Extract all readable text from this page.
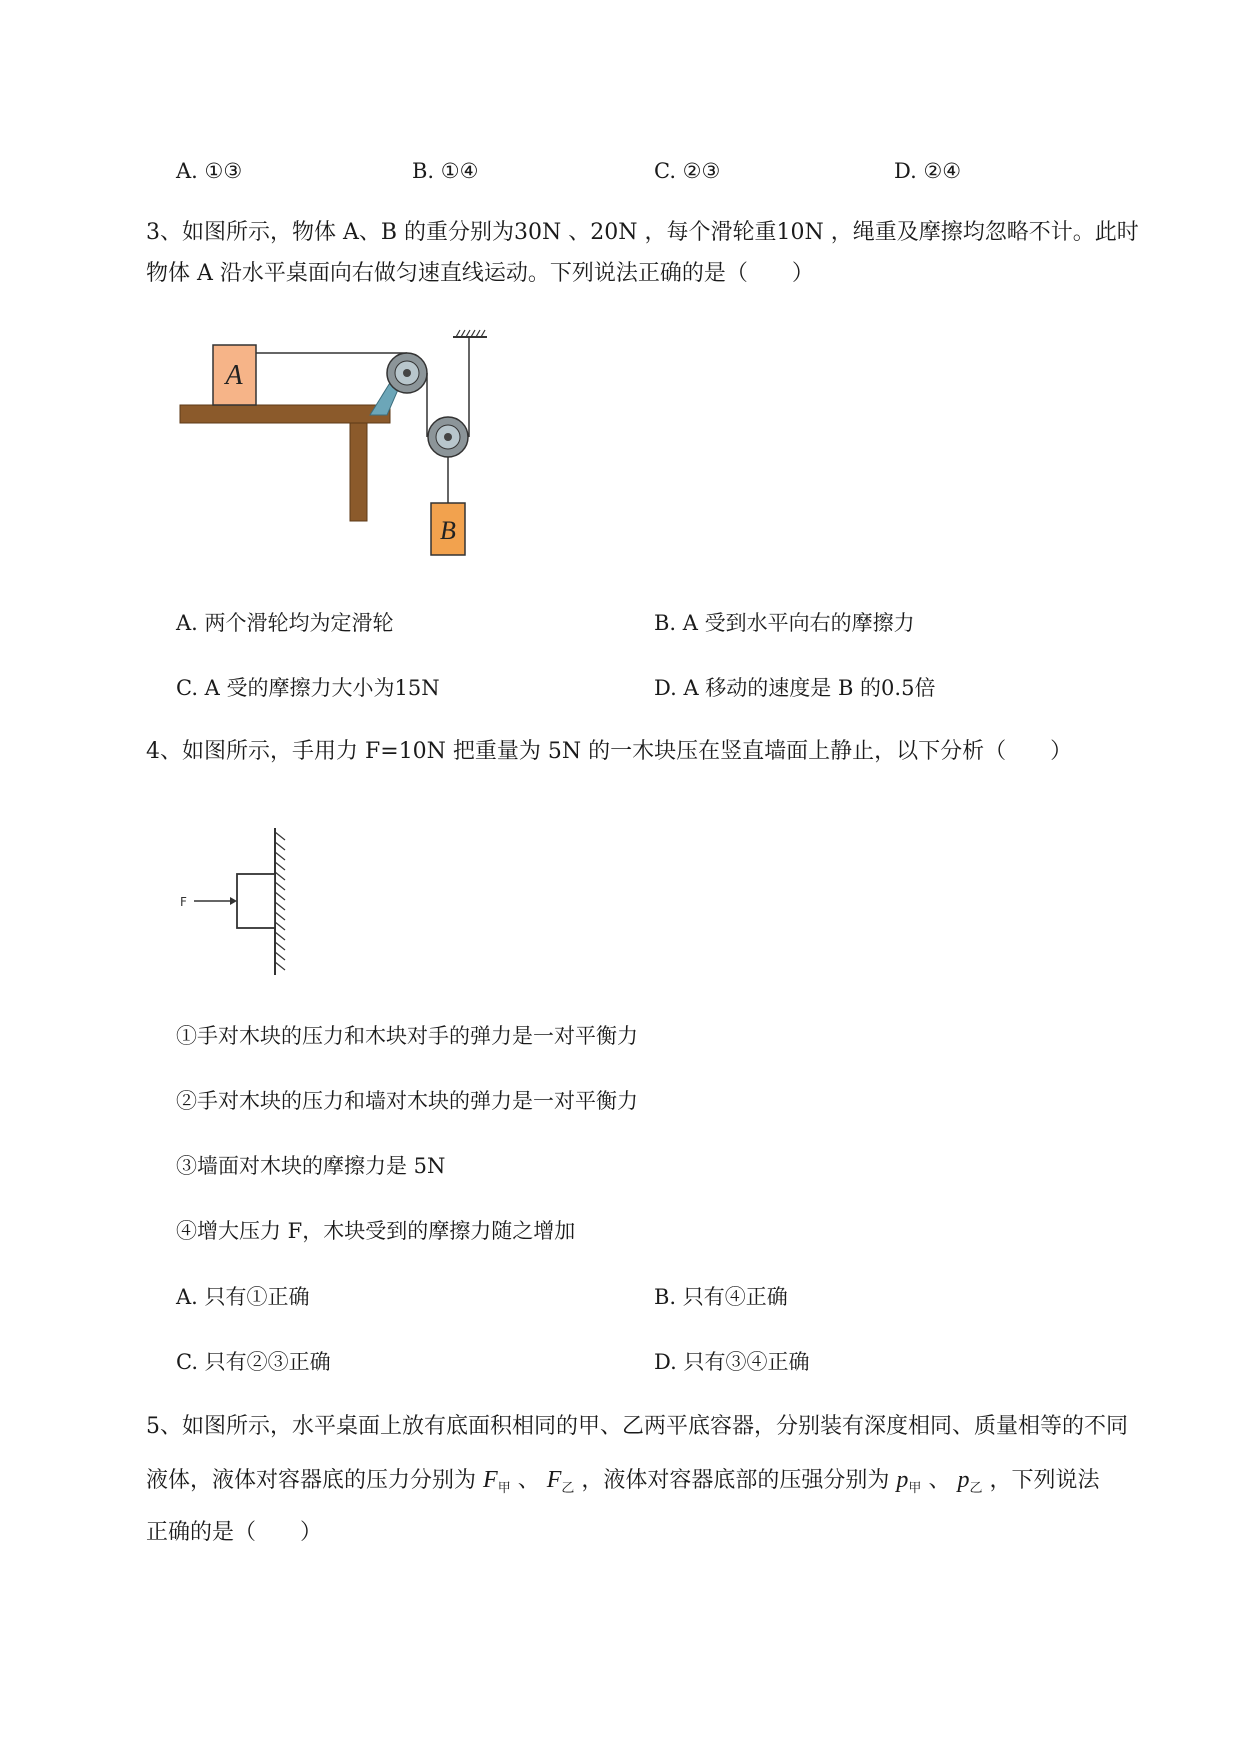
A. ①③	B. ①④	C. ②③	D. ②④
3、如图所示，物体 A、B 的重分别为30N 、20N ，每个滑轮重10N ，绳重及摩擦均忽略不计。此时
物体 A 沿水平桌面向右做匀速直线运动。下列说法正确的是（　　）
A
B
A. 两个滑轮均为定滑轮	B. A 受到水平向右的摩擦力
C. A 受的摩擦力大小为15N	D. A 移动的速度是 B 的0.5倍
4、如图所示，手用力 F=10N 把重量为 5N 的一木块压在竖直墙面上静止，以下分析（　　）
F
①手对木块的压力和木块对手的弹力是一对平衡力
②手对木块的压力和墙对木块的弹力是一对平衡力
③墙面对木块的摩擦力是 5N
④增大压力 F，木块受到的摩擦力随之增加
A. 只有①正确	B. 只有④正确
C. 只有②③正确	D. 只有③④正确
5、如图所示，水平桌面上放有底面积相同的甲、乙两平底容器，分别装有深度相同、质量相等的不同
液体，液体对容器底的压力分别为 $F_甲$ 、 $F_乙$ ，液体对容器底部的压强分别为 $p_甲$ 、 $p_乙$ ，下列说法
正确的是（　　）
